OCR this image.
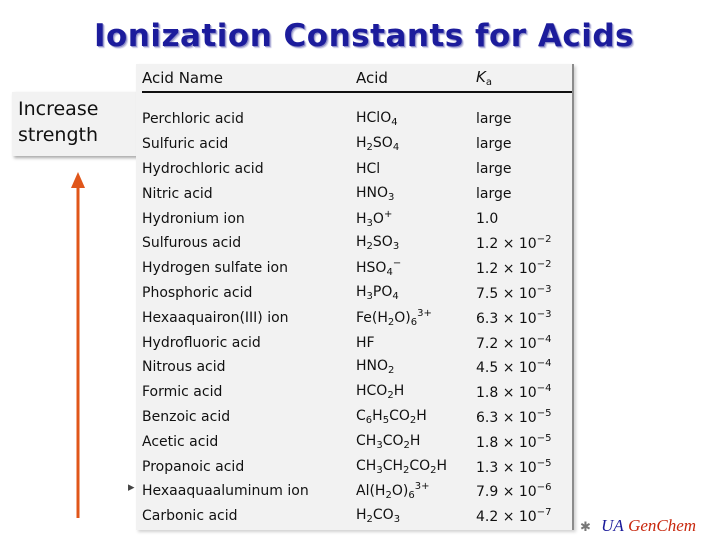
Ionization Constants for Acids
Increase
strength
Acid Name	Acid	$K_a$
Perchloric acid	HClO$_4$	large
Sulfuric acid	$H_2SO_4$	large
Hydrochloric acid	HCl	large
Nitric acid	$HNO_3$	large
Hydronium ion	$H_3O^+$	1.0
Sulfurous acid	$H_2SO_3$	$1.2 \times 10^{-2}$
Hydrogen sulfate ion	$HSO_4^-$	$1.2 \times 10^{-2}$
Phosphoric acid	$H_3PO_4$	$7.5 \times 10^{-3}$
Hexaaquairon(III) ion	$Fe(H_2O)_6^{3+}$	$6.3 \times 10^{-3}$
Hydrofluoric acid	HF	$7.2 \times 10^{-4}$
Nitrous acid	$HNO_2$	$4.5 \times 10^{-4}$
Formic acid	$HCO_2H$	$1.8 \times 10^{-4}$
Benzoic acid	$C_6H_5CO_2H$	$6.3 \times 10^{-5}$
Acetic acid	$CH_3CO_2H$	$1.8 \times 10^{-5}$
Propanoic acid	$CH_3CH_2CO_2H$	$1.3 \times 10^{-5}$
Hexaaquaaluminum ion	$Al(H_2O)_6^{3+}$	$7.9 \times 10^{-6}$
Carbonic acid	$H_2CO_3$	$4.2 \times 10^{-7}$
▸
✱ UA GenChem
